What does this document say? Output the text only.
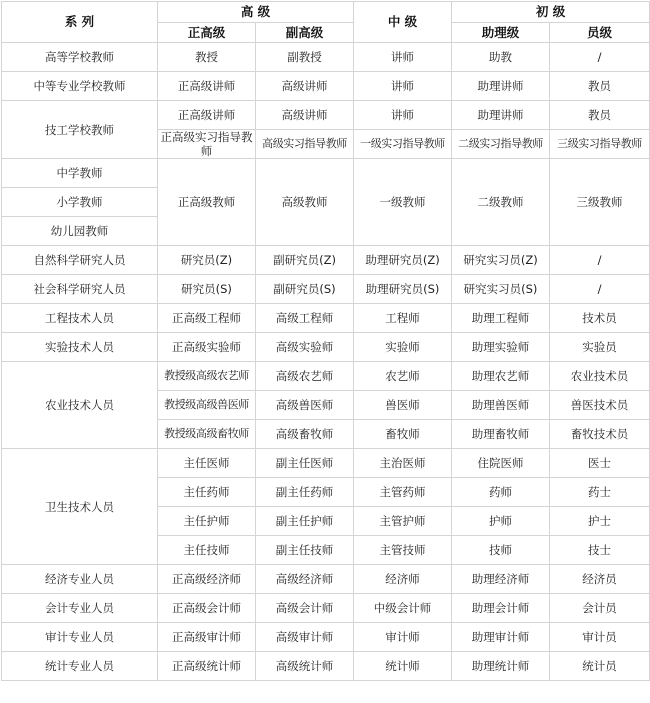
系 列	高 级		中 级	初 级	
	正高级	副高级		助理级	员级
高等学校教师	教授	副教授	讲师	助教	/
中等专业学校教师	正高级讲师	高级讲师	讲师	助理讲师	教员
技工学校教师	正高级讲师	高级讲师	讲师	助理讲师	教员
	正高级实习指导教师	高级实习指导教师	一级实习指导教师	二级实习指导教师	三级实习指导教师
中学教师	正高级教师	高级教师	一级教师	二级教师	三级教师
小学教师					
幼儿园教师					
自然科学研究人员	研究员(Z)	副研究员(Z)	助理研究员(Z)	研究实习员(Z)	/
社会科学研究人员	研究员(S)	副研究员(S)	助理研究员(S)	研究实习员(S)	/
工程技术人员	正高级工程师	高级工程师	工程师	助理工程师	技术员
实验技术人员	正高级实验师	高级实验师	实验师	助理实验师	实验员
农业技术人员	教授级高级农艺师	高级农艺师	农艺师	助理农艺师	农业技术员
	教授级高级兽医师	高级兽医师	兽医师	助理兽医师	兽医技术员
	教授级高级畜牧师	高级畜牧师	畜牧师	助理畜牧师	畜牧技术员
卫生技术人员	主任医师	副主任医师	主治医师	住院医师	医士
	主任药师	副主任药师	主管药师	药师	药士
	主任护师	副主任护师	主管护师	护师	护士
	主任技师	副主任技师	主管技师	技师	技士
经济专业人员	正高级经济师	高级经济师	经济师	助理经济师	经济员
会计专业人员	正高级会计师	高级会计师	中级会计师	助理会计师	会计员
审计专业人员	正高级审计师	高级审计师	审计师	助理审计师	审计员
统计专业人员	正高级统计师	高级统计师	统计师	助理统计师	统计员
